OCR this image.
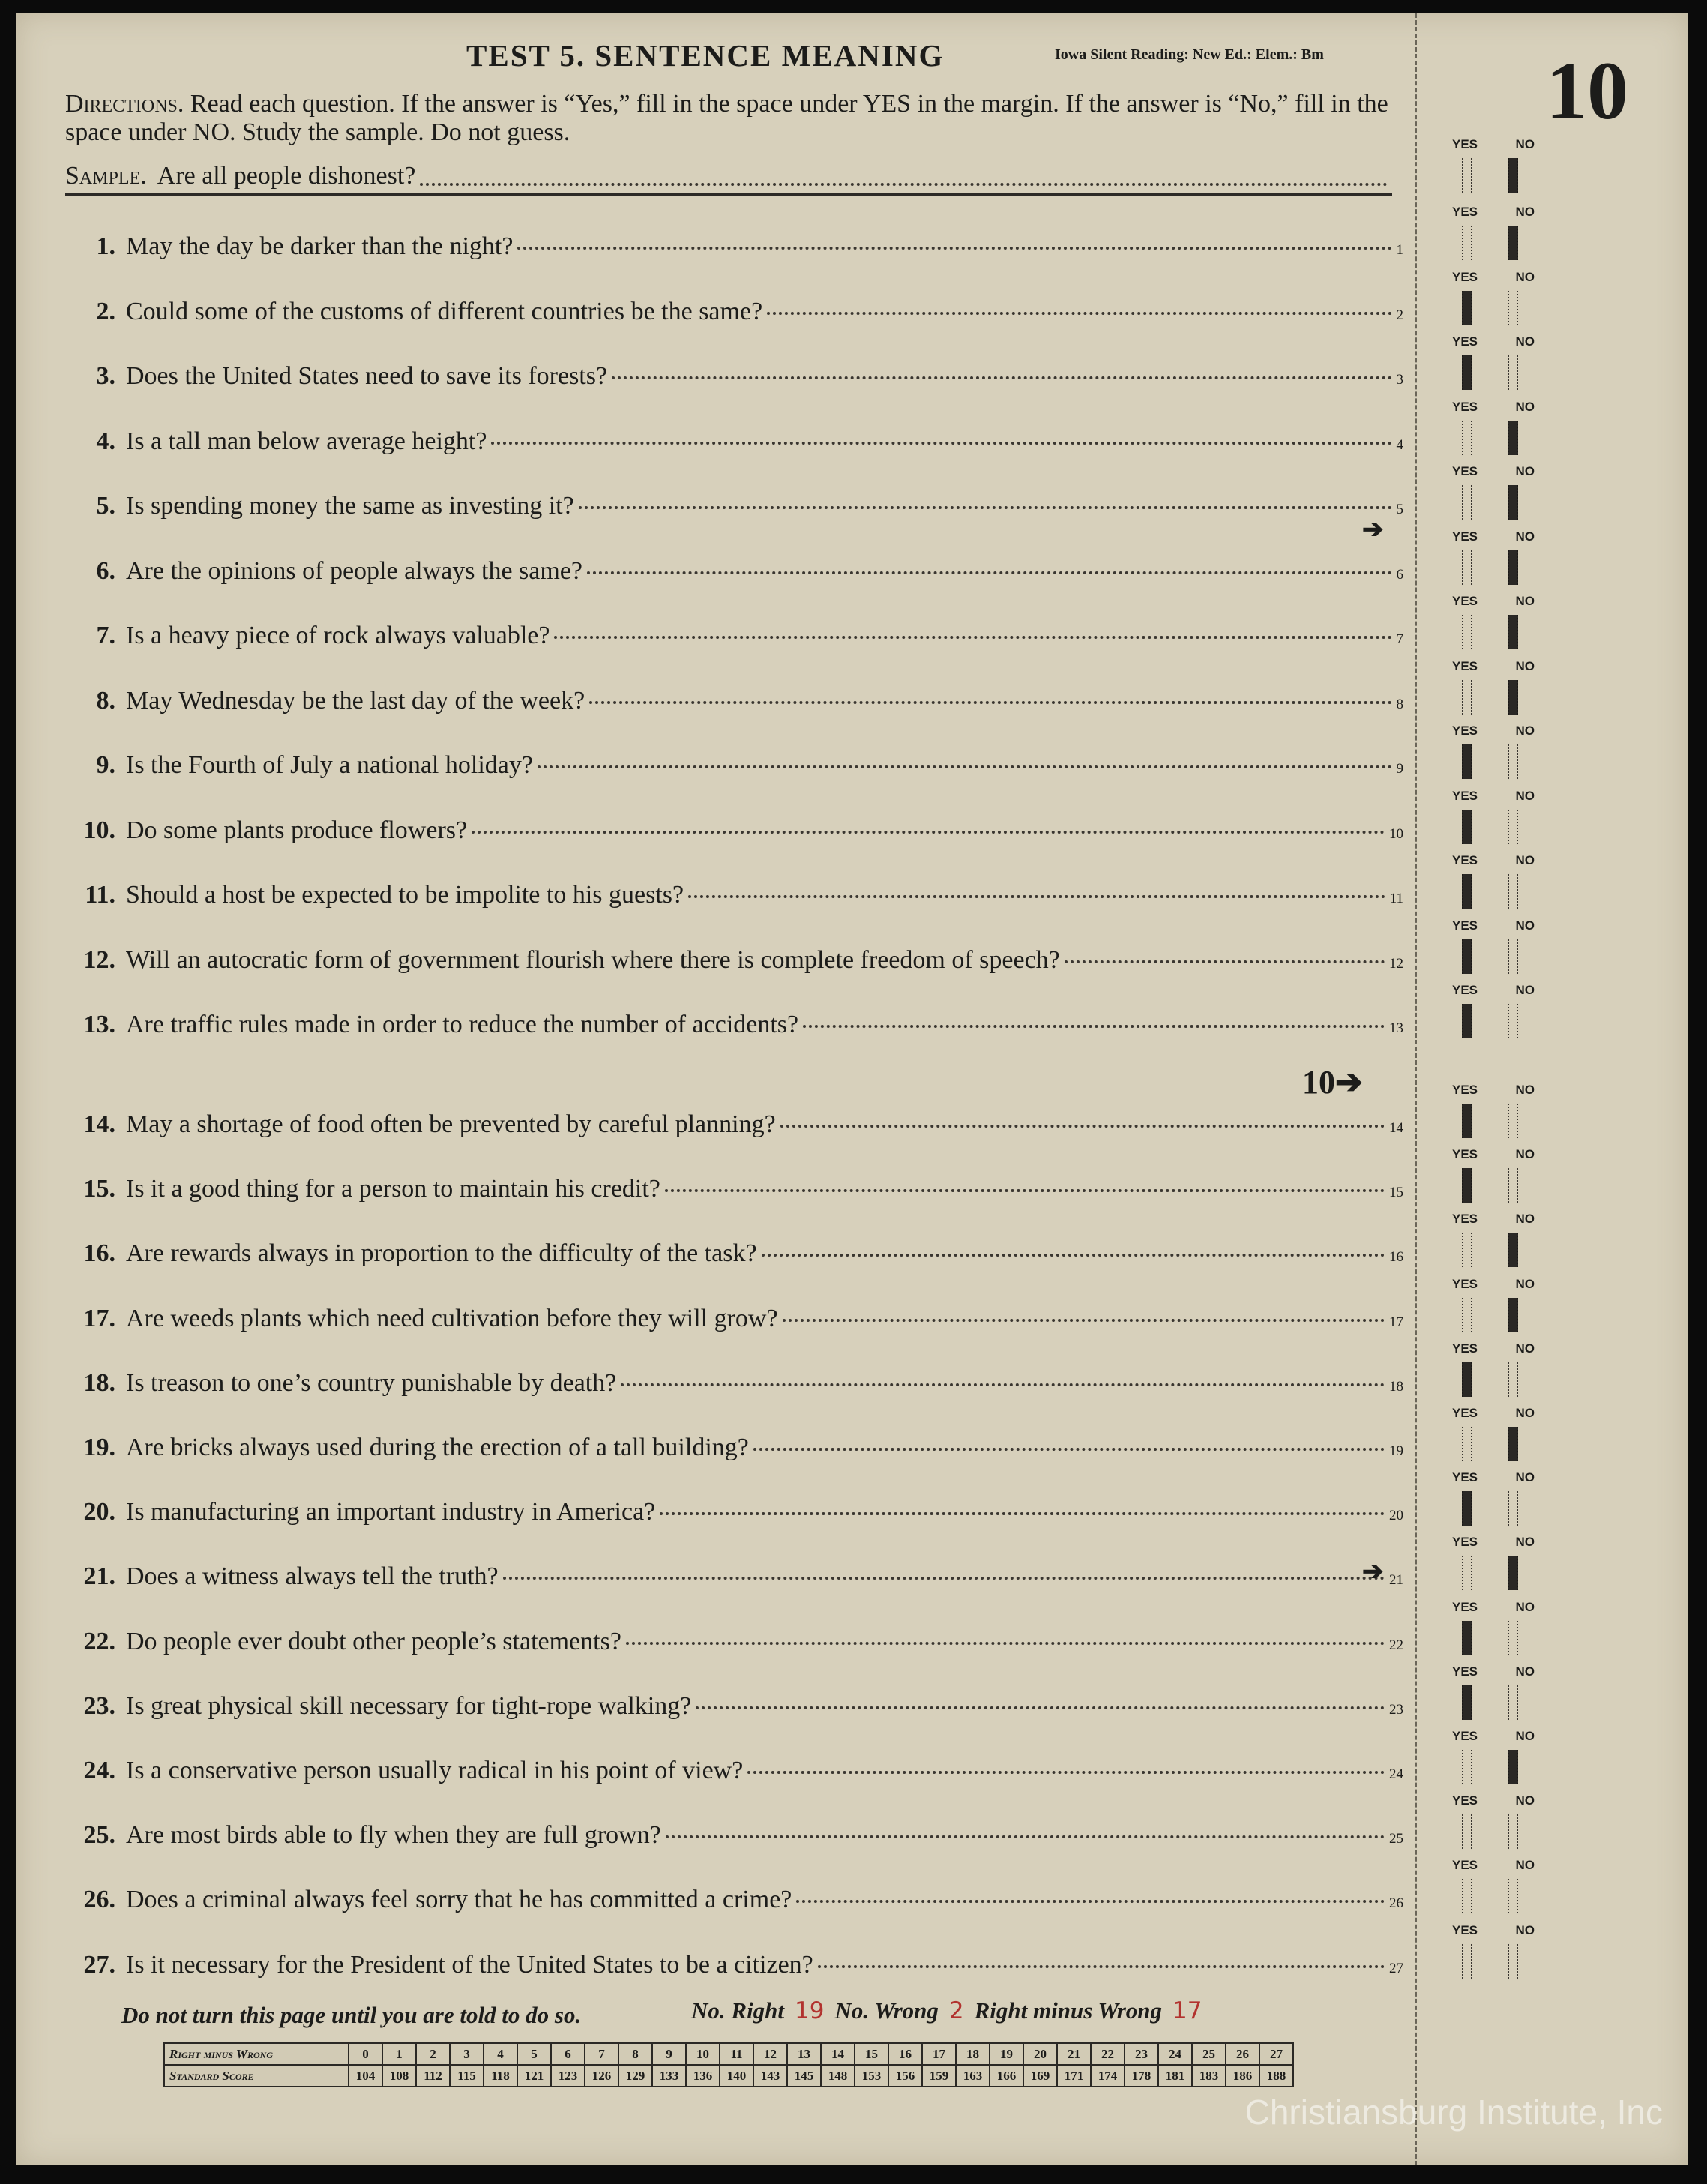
TEST 5. SENTENCE MEANING	Iowa Silent Reading: New Ed.: Elem.: Bm	10
Directions. Read each question. If the answer is “Yes,” fill in the space under YES in the margin. If the answer is “No,” fill in the space under NO. Study the sample. Do not guess.
Sample. Are all people dishonest?
1. May the day be darker than the night?	1
2. Could some of the customs of different countries be the same?	2
3. Does the United States need to save its forests?	3
4. Is a tall man below average height?	4
5. Is spending money the same as investing it?	5
6. Are the opinions of people always the same?	6
7. Is a heavy piece of rock always valuable?	7
8. May Wednesday be the last day of the week?	8
9. Is the Fourth of July a national holiday?	9
10. Do some plants produce flowers?	10
11. Should a host be expected to be impolite to his guests?	11
12. Will an autocratic form of government flourish where there is complete freedom of speech?	12
13. Are traffic rules made in order to reduce the number of accidents?	13
14. May a shortage of food often be prevented by careful planning?	14
15. Is it a good thing for a person to maintain his credit?	15
16. Are rewards always in proportion to the difficulty of the task?	16
17. Are weeds plants which need cultivation before they will grow?	17
18. Is treason to one’s country punishable by death?	18
19. Are bricks always used during the erection of a tall building?	19
20. Is manufacturing an important industry in America?	20
21. Does a witness always tell the truth?	21
22. Do people ever doubt other people’s statements?	22
23. Is great physical skill necessary for tight-rope walking?	23
24. Is a conservative person usually radical in his point of view?	24
25. Are most birds able to fly when they are full grown?	25
26. Does a criminal always feel sorry that he has committed a crime?	26
27. Is it necessary for the President of the United States to be a citizen?	27
YES	NO
YES	NO
YES	NO
YES	NO
YES	NO
YES	NO
YES	NO
YES	NO
YES	NO
YES	NO
YES	NO
YES	NO
YES	NO
YES	NO
YES	NO
YES	NO
YES	NO
YES	NO
YES	NO
YES	NO
YES	NO
YES	NO
YES	NO
YES	NO
YES	NO
YES	NO
YES	NO
YES	NO
➔
10➔
➔
Do not turn this page until you are told to do so.	No. Right 19 No. Wrong 2 Right minus Wrong 17
Right minus Wrong	0	1	2	3	4	5	6	7	8	9	10	11	12	13	14	15	16	17	18	19	20	21	22	23	24	25	26	27
Standard Score	104	108	112	115	118	121	123	126	129	133	136	140	143	145	148	153	156	159	163	166	169	171	174	178	181	183	186	188
Christiansburg Institute, Inc
